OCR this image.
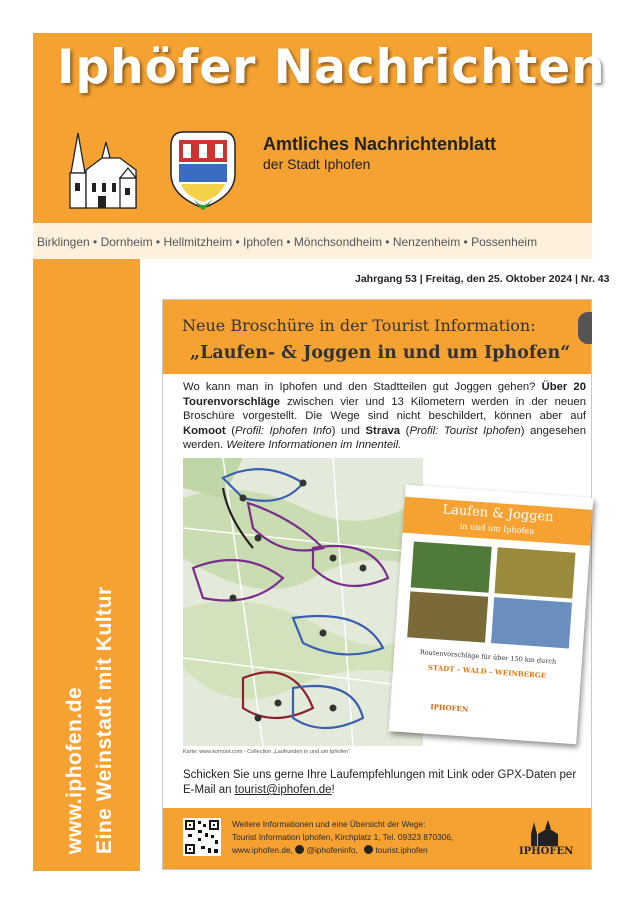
Iphöfer Nachrichten
Amtliches Nachrichtenblatt
der Stadt Iphofen
Birklingen • Dornheim • Hellmitzheim • Iphofen • Mönchsondheim • Nenzenheim • Possenheim
www.iphofen.de Eine Weinstadt mit Kultur
Jahrgang 53 | Freitag, den 25. Oktober 2024 | Nr. 43
Neue Broschüre in der Tourist Information:
„Laufen- & Joggen in und um Iphofen“
Wo kann man in Iphofen und den Stadtteilen gut Joggen gehen? Über 20 Tourenvorschläge zwischen vier und 13 Kilometern werden in der neuen Broschüre vorgestellt. Die Wege sind nicht beschildert, können aber auf Komoot (Profil: Iphofen Info) und Strava (Profil: Tourist Iphofen) angesehen werden. Weitere Informationen im Innenteil.
Karte: www.komoot.com - Collection „Laufrunden in und um Iphofen“
Laufen & Joggen
in und um Iphofen
Routenvorschläge für über 150 km durch
STADT – WALD – WEINBERGE
IPHOFEN
Schicken Sie uns gerne Ihre Laufempfehlungen mit Link oder GPX-Daten per E-Mail an tourist@iphofen.de!
Weitere Informationen und eine Übersicht der Wege:
Tourist Information Iphofen, Kirchplatz 1, Tel. 09323 870306,
www.iphofen.de, @iphofeninfo, tourist.iphofen	IPHOFEN
